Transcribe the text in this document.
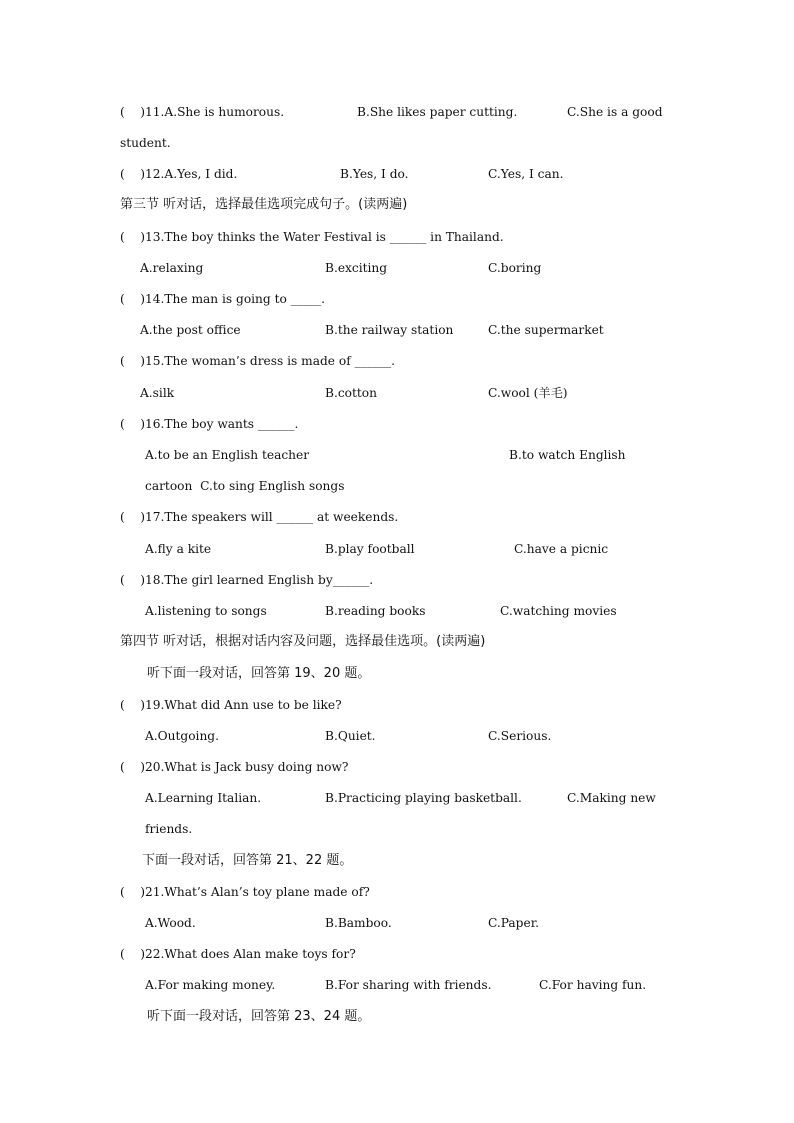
(    )11.A.She is humorous.	B.She likes paper cutting.	C.She is a good
student.
(    )12.A.Yes, I did.	B.Yes, I do.	C.Yes, I can.
第三节 听对话，选择最佳选项完成句子。(读两遍)
(    )13.The boy thinks the Water Festival is ______ in Thailand.
A.relaxing	B.exciting	C.boring
(    )14.The man is going to _____.
A.the post office	B.the railway station	C.the supermarket
(    )15.The woman’s dress is made of ______.
A.silk	B.cotton	C.wool (羊毛)
(    )16.The boy wants ______.
A.to be an English teacher	B.to watch English
cartoon  C.to sing English songs
(    )17.The speakers will ______ at weekends.
A.fly a kite	B.play football	C.have a picnic
(    )18.The girl learned English by______.
A.listening to songs	B.reading books	C.watching movies
第四节 听对话，根据对话内容及问题，选择最佳选项。(读两遍)
听下面一段对话，回答第 19、20 题。
(    )19.What did Ann use to be like?
A.Outgoing.	B.Quiet.	C.Serious.
(    )20.What is Jack busy doing now?
A.Learning Italian.	B.Practicing playing basketball.	C.Making new
friends.
下面一段对话，回答第 21、22 题。
(    )21.What’s Alan’s toy plane made of?
A.Wood.	B.Bamboo.	C.Paper.
(    )22.What does Alan make toys for?
A.For making money.	B.For sharing with friends.	C.For having fun.
听下面一段对话，回答第 23、24 题。
